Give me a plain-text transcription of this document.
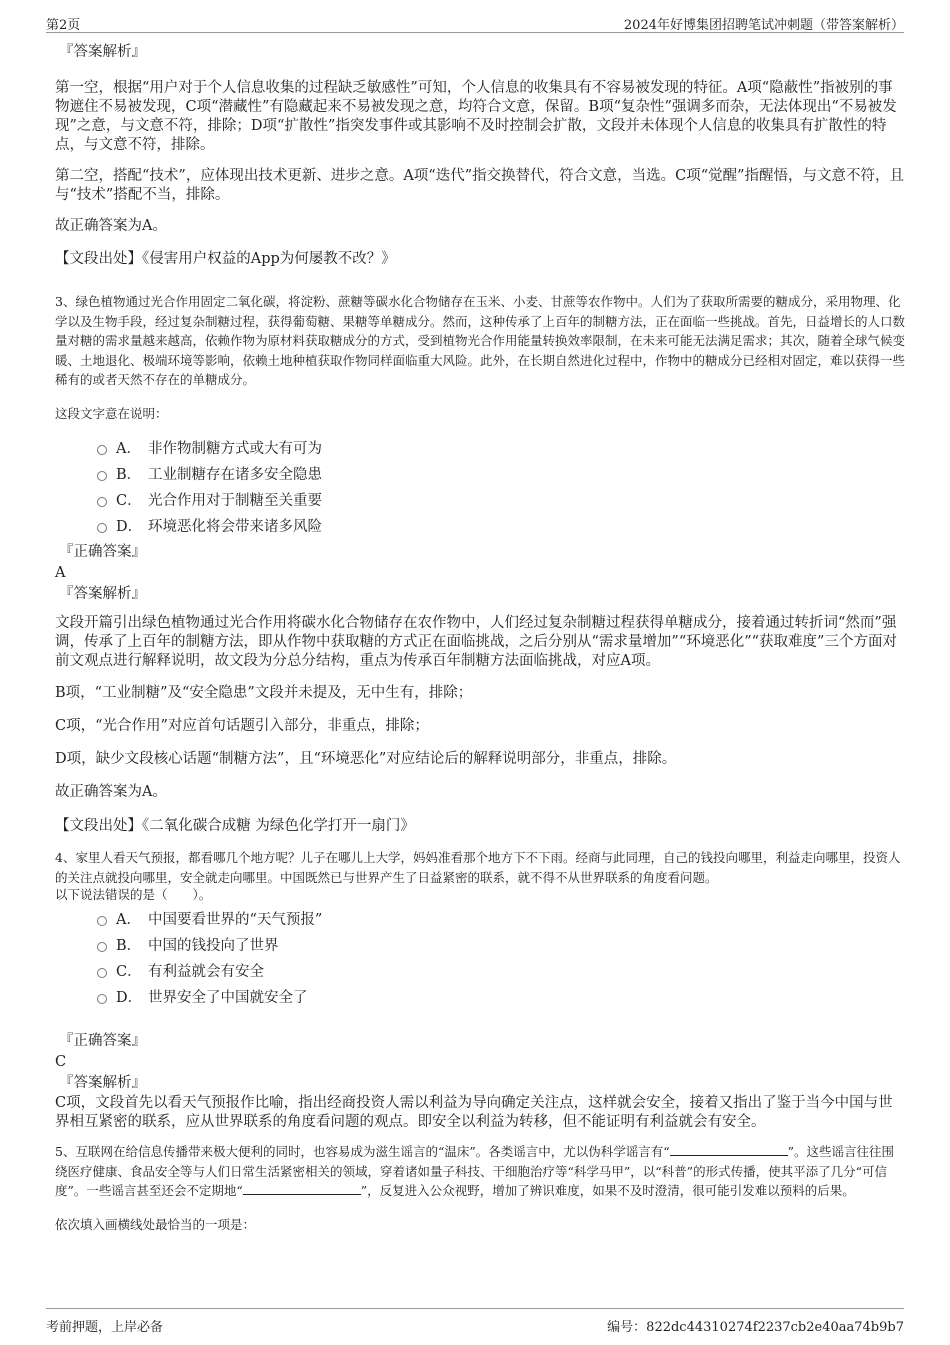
第2页	2024年好博集团招聘笔试冲刺题（带答案解析）
『答案解析』

第一空，根据“用户对于个人信息收集的过程缺乏敏感性”可知，个人信息的收集具有不容易被发现的特征。A项“隐蔽性”指被别的事物遮住不易被发现，C项“潜藏性”有隐藏起来不易被发现之意，均符合文意，保留。B项“复杂性”强调多而杂，无法体现出“不易被发现”之意，与文意不符，排除；D项“扩散性”指突发事件或其影响不及时控制会扩散，文段并未体现个人信息的收集具有扩散性的特点，与文意不符，排除。

第二空，搭配“技术”，应体现出技术更新、进步之意。A项“迭代”指交换替代，符合文意，当选。C项“觉醒”指醒悟，与文意不符，且与“技术”搭配不当，排除。

故正确答案为A。

【文段出处】《侵害用户权益的App为何屡教不改？》

3、绿色植物通过光合作用固定二氧化碳，将淀粉、蔗糖等碳水化合物储存在玉米、小麦、甘蔗等农作物中。人们为了获取所需要的糖成分，采用物理、化学以及生物手段，经过复杂制糖过程，获得葡萄糖、果糖等单糖成分。然而，这种传承了上百年的制糖方法，正在面临一些挑战。首先，日益增长的人口数量对糖的需求量越来越高，依赖作物为原材料获取糖成分的方式，受到植物光合作用能量转换效率限制，在未来可能无法满足需求；其次，随着全球气候变暖、土地退化、极端环境等影响，依赖土地种植获取作物同样面临重大风险。此外，在长期自然进化过程中，作物中的糖成分已经相对固定，难以获得一些稀有的或者天然不存在的单糖成分。

这段文字意在说明：

A． 非作物制糖方式或大有可为
B． 工业制糖存在诸多安全隐患
C． 光合作用对于制糖至关重要
D． 环境恶化将会带来诸多风险
『正确答案』
A
『答案解析』

文段开篇引出绿色植物通过光合作用将碳水化合物储存在农作物中，人们经过复杂制糖过程获得单糖成分，接着通过转折词“然而”强调，传承了上百年的制糖方法，即从作物中获取糖的方式正在面临挑战，之后分别从“需求量增加”“环境恶化”“获取难度”三个方面对前文观点进行解释说明，故文段为分总分结构，重点为传承百年制糖方法面临挑战，对应A项。

B项，“工业制糖”及“安全隐患”文段并未提及，无中生有，排除；

C项，“光合作用”对应首句话题引入部分，非重点，排除；

D项，缺少文段核心话题“制糖方法”，且“环境恶化”对应结论后的解释说明部分，非重点，排除。

故正确答案为A。

【文段出处】《二氧化碳合成糖 为绿色化学打开一扇门》

4、家里人看天气预报，都看哪几个地方呢？儿子在哪儿上大学，妈妈准看那个地方下不下雨。经商与此同理，自己的钱投向哪里，利益走向哪里，投资人的关注点就投向哪里，安全就走向哪里。中国既然已与世界产生了日益紧密的联系，就不得不从世界联系的角度看问题。

以下说法错误的是（　　）。

A． 中国要看世界的“天气预报”
B． 中国的钱投向了世界
C． 有利益就会有安全
D． 世界安全了中国就安全了
『正确答案』
C
『答案解析』

C项，文段首先以看天气预报作比喻，指出经商投资人需以利益为导向确定关注点，这样就会安全，接着又指出了鉴于当今中国与世界相互紧密的联系，应从世界联系的角度看问题的观点。即安全以利益为转移，但不能证明有利益就会有安全。

5、互联网在给信息传播带来极大便利的同时，也容易成为滋生谣言的“温床”。各类谣言中，尤以伪科学谣言有“	”。这些谣言往往围绕医疗健康、食品安全等与人们日常生活紧密相关的领域，穿着诸如量子科技、干细胞治疗等“科学马甲”，以“科普”的形式传播，使其平添了几分“可信度”。一些谣言甚至还会不定期地“	”，反复进入公众视野，增加了辨识难度，如果不及时澄清，很可能引发难以预料的后果。

依次填入画横线处最恰当的一项是：

考前押题，上岸必备	编号：822dc44310274f2237cb2e40aa74b9b7
